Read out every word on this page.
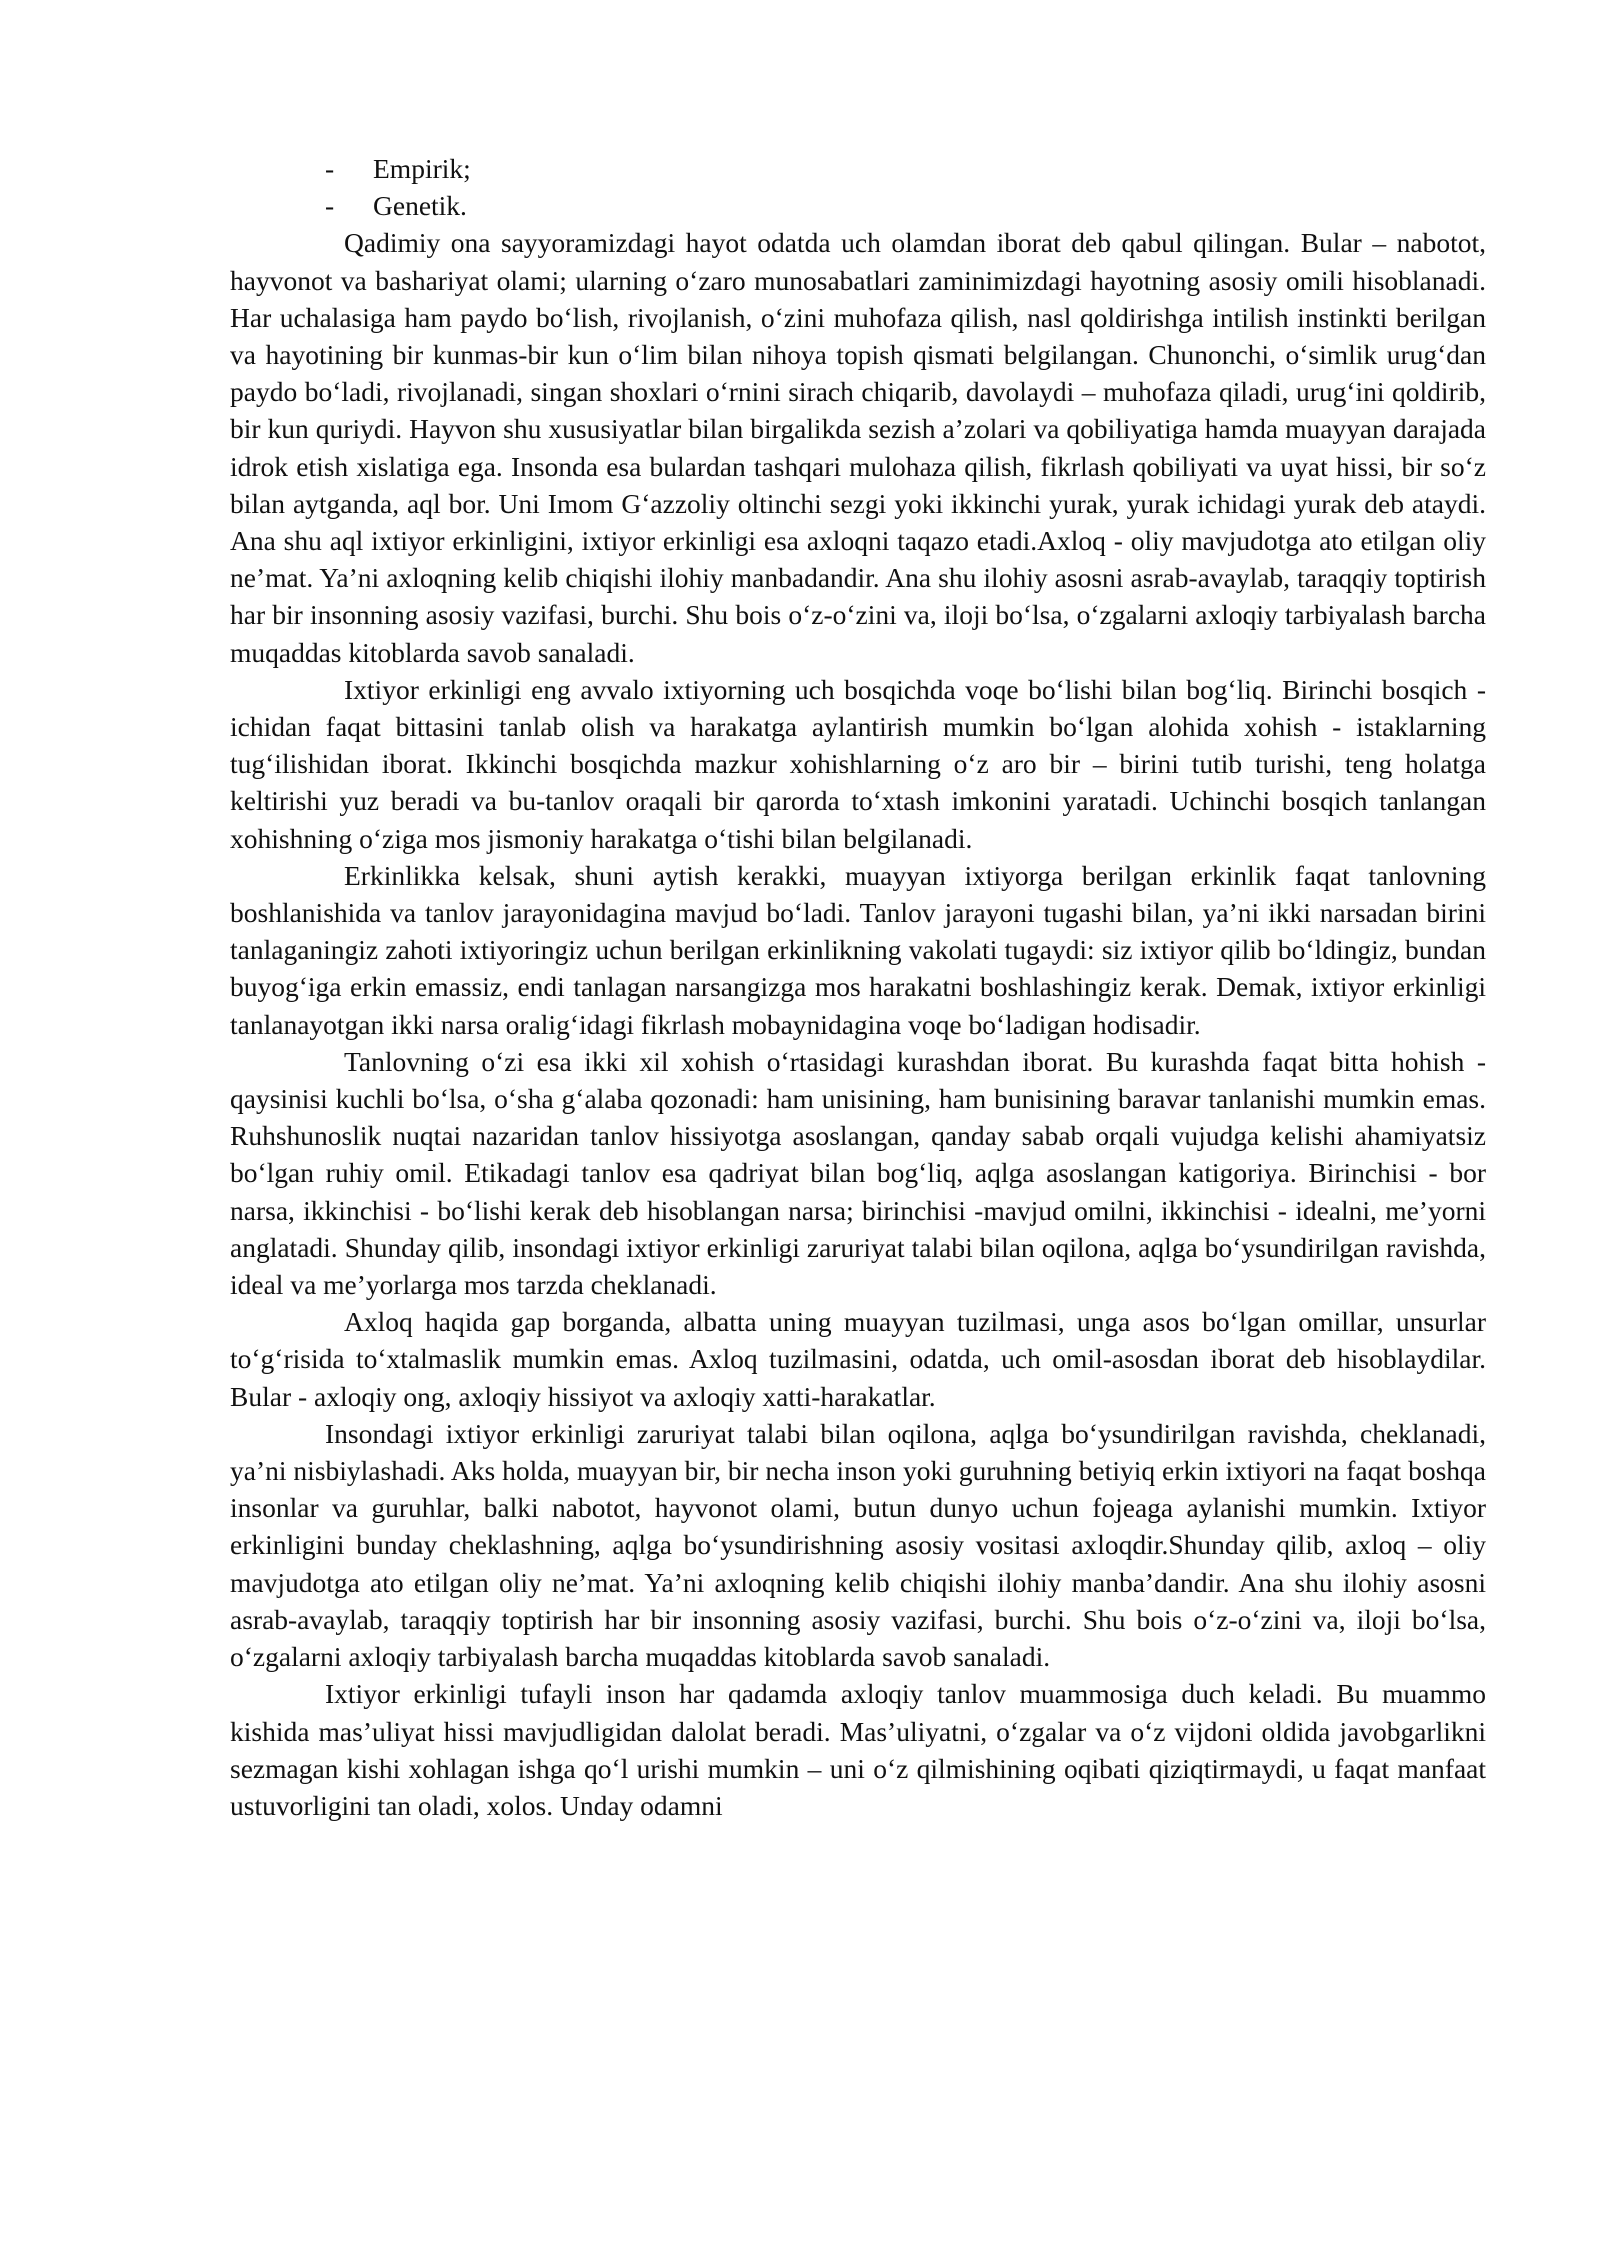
- Empirik;
- Genetik.

Qadimiy ona sayyoramizdagi hayot odatda uch olamdan iborat deb qabul qilingan. Bular – nabotot, hayvonot va bashariyat olami; ularning o‘zaro munosabatlari zaminimizdagi hayotning asosiy omili hisoblanadi. Har uchalasiga ham paydo bo‘lish, rivojlanish, o‘zini muhofaza qilish, nasl qoldirishga intilish instinkti berilgan va hayotining bir kunmas-bir kun o‘lim bilan nihoya topish qismati belgilangan. Chunonchi, o‘simlik urug‘dan paydo bo‘ladi, rivojlanadi, singan shoxlari o‘rnini sirach chiqarib, davolaydi – muhofaza qiladi, urug‘ini qoldirib, bir kun quriydi. Hayvon shu xususiyatlar bilan birgalikda sezish a’zolari va qobiliyatiga hamda muayyan darajada idrok etish xislatiga ega. Insonda esa bulardan tashqari mulohaza qilish, fikrlash qobiliyati va uyat hissi, bir so‘z bilan aytganda, aql bor. Uni Imom G‘azzoliy oltinchi sezgi yoki ikkinchi yurak, yurak ichidagi yurak deb ataydi. Ana shu aql ixtiyor erkinligini, ixtiyor erkinligi esa axloqni taqazo etadi.Axloq - oliy mavjudotga ato etilgan oliy ne’mat. Ya’ni axloqning kelib chiqishi ilohiy manbadandir. Ana shu ilohiy asosni asrab-avaylab, taraqqiy toptirish har bir insonning asosiy vazifasi, burchi. Shu bois o‘z-o‘zini va, iloji bo‘lsa, o‘zgalarni axloqiy tarbiyalash barcha muqaddas kitoblarda savob sanaladi.

Ixtiyor erkinligi eng avvalo ixtiyorning uch bosqichda voqe bo‘lishi bilan bog‘liq. Birinchi bosqich - ichidan faqat bittasini tanlab olish va harakatga aylantirish mumkin bo‘lgan alohida xohish - istaklarning tug‘ilishidan iborat. Ikkinchi bosqichda mazkur xohishlarning o‘z aro bir – birini tutib turishi, teng holatga keltirishi yuz beradi va bu-tanlov oraqali bir qarorda to‘xtash imkonini yaratadi. Uchinchi bosqich tanlangan xohishning o‘ziga mos jismoniy harakatga o‘tishi bilan belgilanadi.

Erkinlikka kelsak, shuni aytish kerakki, muayyan ixtiyorga berilgan erkinlik faqat tanlovning boshlanishida va tanlov jarayonidagina mavjud bo‘ladi. Tanlov jarayoni tugashi bilan, ya’ni ikki narsadan birini tanlaganingiz zahoti ixtiyoringiz uchun berilgan erkinlikning vakolati tugaydi: siz ixtiyor qilib bo‘ldingiz, bundan buyog‘iga erkin emassiz, endi tanlagan narsangizga mos harakatni boshlashingiz kerak. Demak, ixtiyor erkinligi tanlanayotgan ikki narsa oralig‘idagi fikrlash mobaynidagina voqe bo‘ladigan hodisadir.

Tanlovning o‘zi esa ikki xil xohish o‘rtasidagi kurashdan iborat. Bu kurashda faqat bitta hohish - qaysinisi kuchli bo‘lsa, o‘sha g‘alaba qozonadi: ham unisining, ham bunisining baravar tanlanishi mumkin emas. Ruhshunoslik nuqtai nazaridan tanlov hissiyotga asoslangan, qanday sabab orqali vujudga kelishi ahamiyatsiz bo‘lgan ruhiy omil. Etikadagi tanlov esa qadriyat bilan bog‘liq, aqlga asoslangan katigoriya. Birinchisi - bor narsa, ikkinchisi - bo‘lishi kerak deb hisoblangan narsa; birinchisi -mavjud omilni, ikkinchisi - idealni, me’yorni anglatadi. Shunday qilib, insondagi ixtiyor erkinligi zaruriyat talabi bilan oqilona, aqlga bo‘ysundirilgan ravishda, ideal va me’yorlarga mos tarzda cheklanadi.

Axloq haqida gap borganda, albatta uning muayyan tuzilmasi, unga asos bo‘lgan omillar, unsurlar to‘g‘risida to‘xtalmaslik mumkin emas. Axloq tuzilmasini, odatda, uch omil-asosdan iborat deb hisoblaydilar. Bular - axloqiy ong, axloqiy hissiyot va axloqiy xatti-harakatlar.

Insondagi ixtiyor erkinligi zaruriyat talabi bilan oqilona, aqlga bo‘ysundirilgan ravishda, cheklanadi, ya’ni nisbiylashadi. Aks holda, muayyan bir, bir necha inson yoki guruhning betiyiq erkin ixtiyori na faqat boshqa insonlar va guruhlar, balki nabotot, hayvonot olami, butun dunyo uchun fojeaga aylanishi mumkin. Ixtiyor erkinligini bunday cheklashning, aqlga bo‘ysundirishning asosiy vositasi axloqdir.Shunday qilib, axloq – oliy mavjudotga ato etilgan oliy ne’mat. Ya’ni axloqning kelib chiqishi ilohiy manba’dandir. Ana shu ilohiy asosni asrab-avaylab, taraqqiy toptirish har bir insonning asosiy vazifasi, burchi. Shu bois o‘z-o‘zini va, iloji bo‘lsa, o‘zgalarni axloqiy tarbiyalash barcha muqaddas kitoblarda savob sanaladi.

Ixtiyor erkinligi tufayli inson har qadamda axloqiy tanlov muammosiga duch keladi. Bu muammo kishida mas’uliyat hissi mavjudligidan dalolat beradi. Mas’uliyatni, o‘zgalar va o‘z vijdoni oldida javobgarlikni sezmagan kishi xohlagan ishga qo‘l urishi mumkin – uni o‘z qilmishining oqibati qiziqtirmaydi, u faqat manfaat ustuvorligini tan oladi, xolos. Unday odamni
